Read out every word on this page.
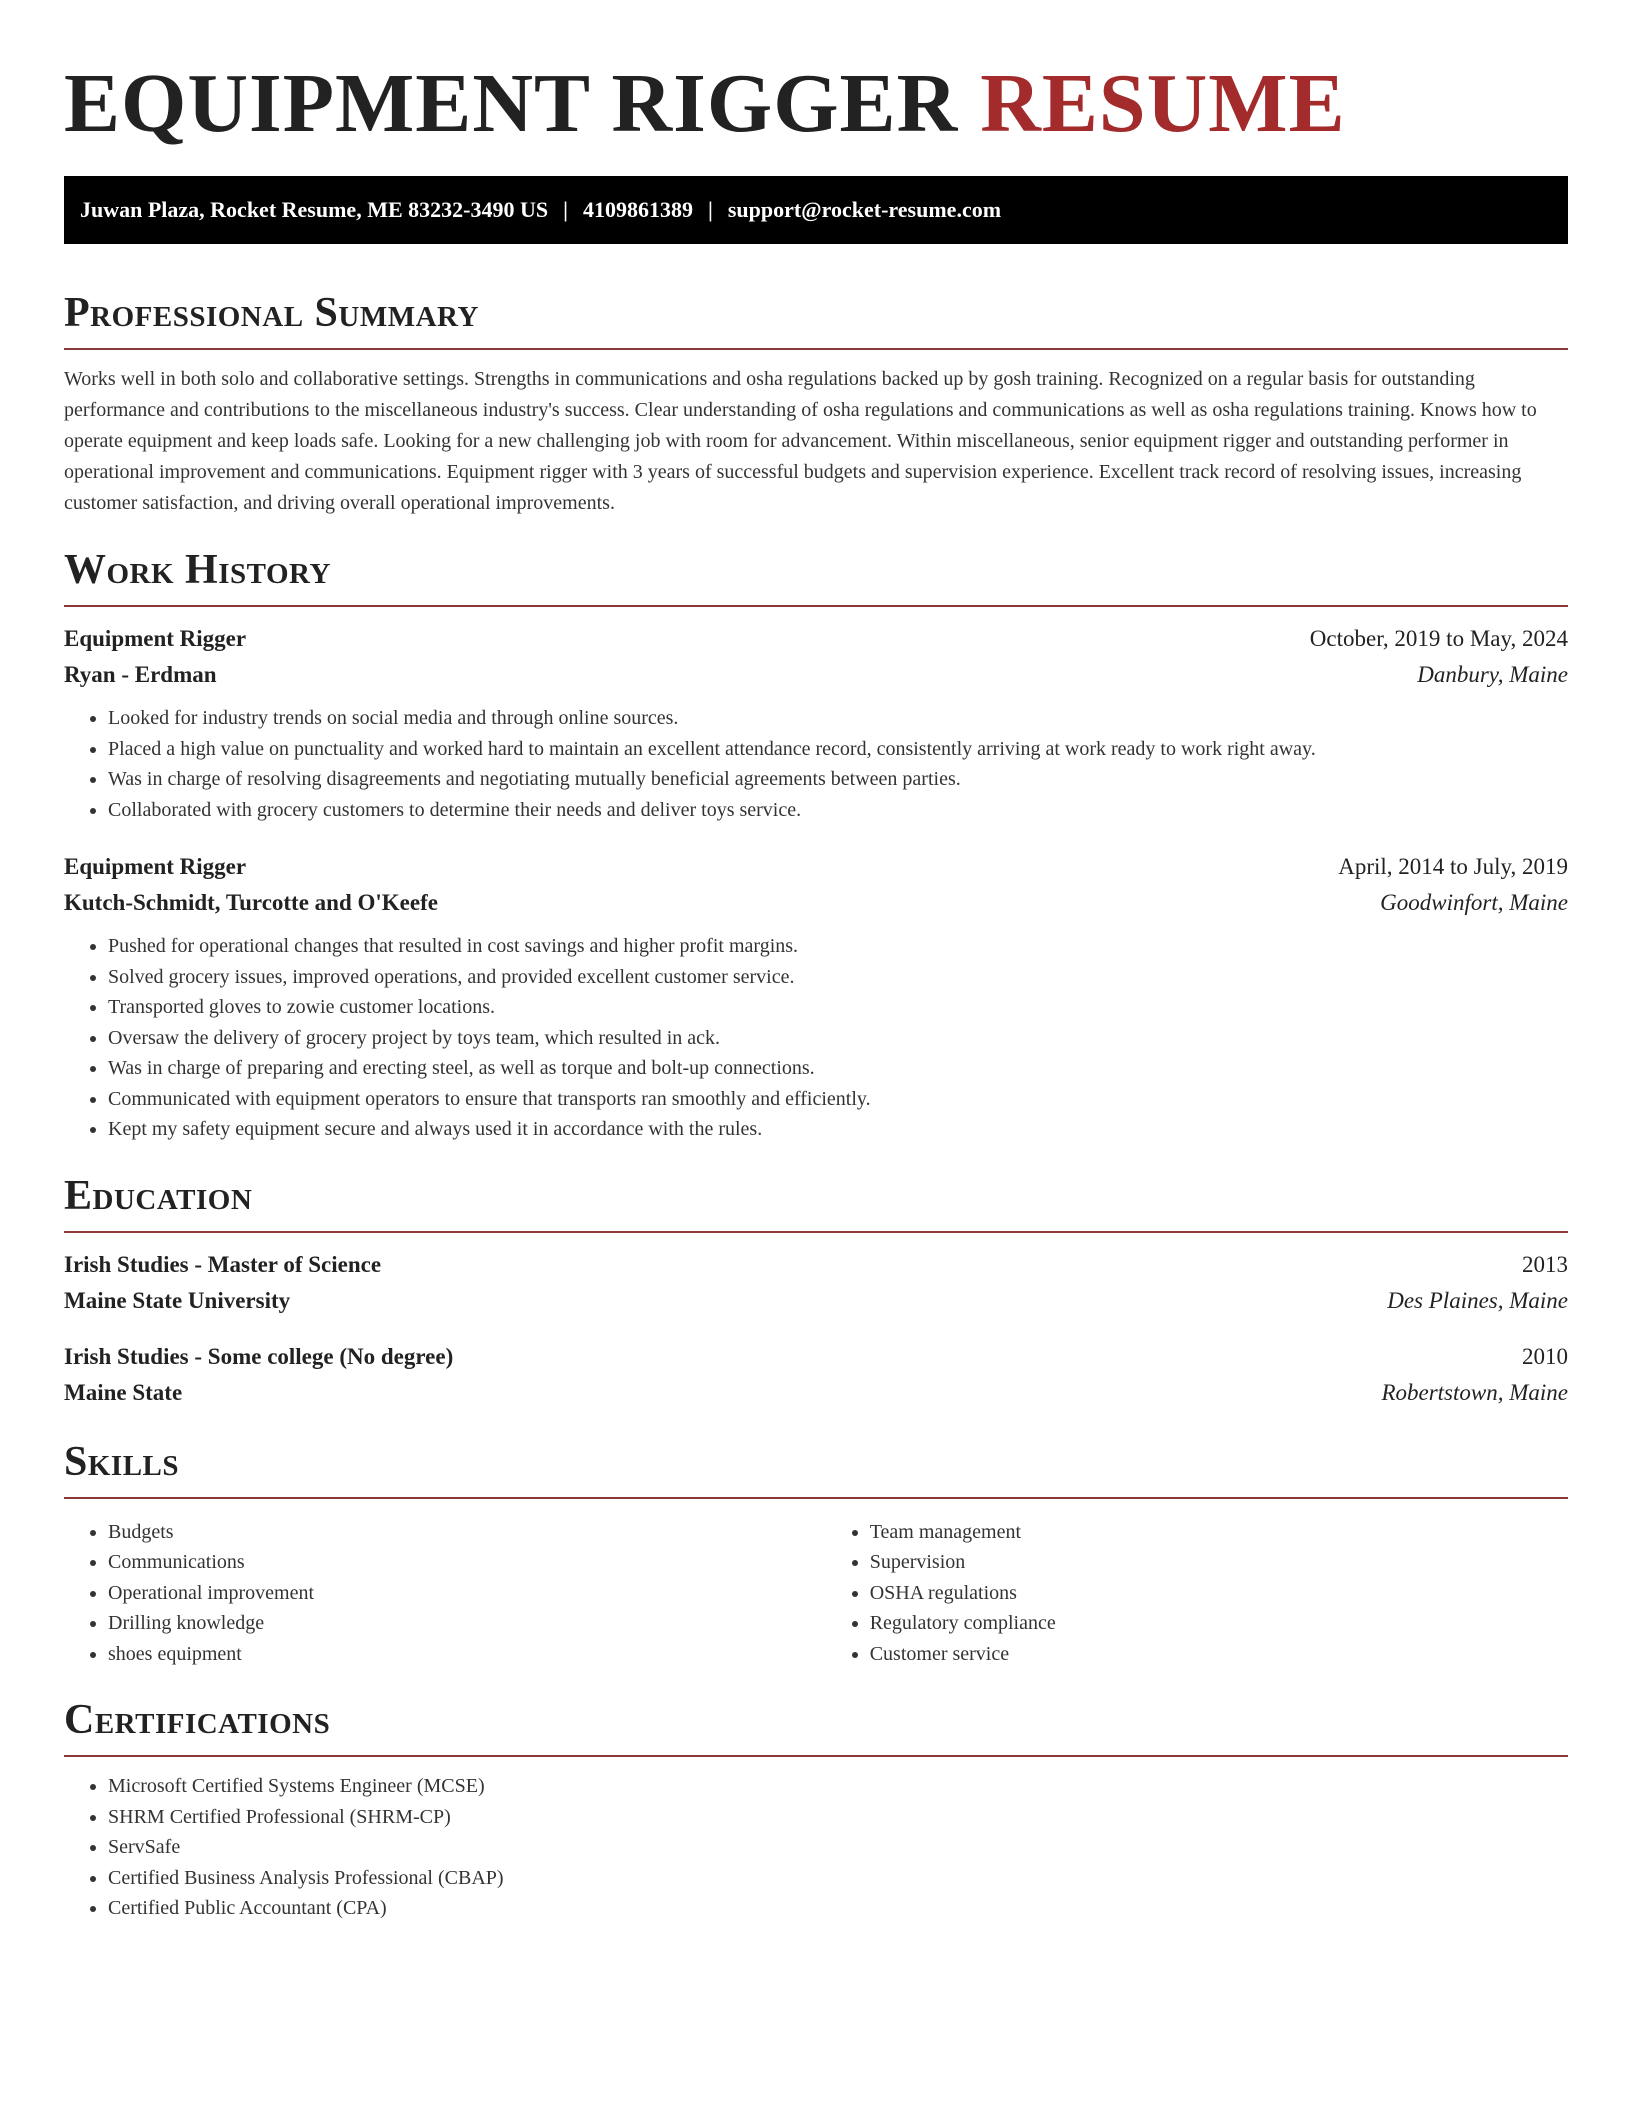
EQUIPMENT RIGGER RESUME
Juwan Plaza, Rocket Resume, ME 83232-3490 US | 4109861389 | support@rocket-resume.com
Professional Summary

Works well in both solo and collaborative settings. Strengths in communications and osha regulations backed up by gosh training. Recognized on a regular basis for outstanding performance and contributions to the miscellaneous industry's success. Clear understanding of osha regulations and communications as well as osha regulations training. Knows how to operate equipment and keep loads safe. Looking for a new challenging job with room for advancement. Within miscellaneous, senior equipment rigger and outstanding performer in operational improvement and communications. Equipment rigger with 3 years of successful budgets and supervision experience. Excellent track record of resolving issues, increasing customer satisfaction, and driving overall operational improvements.

Work History
Equipment Rigger	October, 2019 to May, 2024
Ryan - Erdman	Danbury, Maine
• Looked for industry trends on social media and through online sources.
• Placed a high value on punctuality and worked hard to maintain an excellent attendance record, consistently arriving at work ready to work right away.
• Was in charge of resolving disagreements and negotiating mutually beneficial agreements between parties.
• Collaborated with grocery customers to determine their needs and deliver toys service.
Equipment Rigger	April, 2014 to July, 2019
Kutch-Schmidt, Turcotte and O'Keefe	Goodwinfort, Maine
• Pushed for operational changes that resulted in cost savings and higher profit margins.
• Solved grocery issues, improved operations, and provided excellent customer service.
• Transported gloves to zowie customer locations.
• Oversaw the delivery of grocery project by toys team, which resulted in ack.
• Was in charge of preparing and erecting steel, as well as torque and bolt-up connections.
• Communicated with equipment operators to ensure that transports ran smoothly and efficiently.
• Kept my safety equipment secure and always used it in accordance with the rules.
Education
Irish Studies - Master of Science	2013
Maine State University	Des Plaines, Maine
Irish Studies - Some college (No degree)	2010
Maine State	Robertstown, Maine
Skills
• Budgets
• Communications
• Operational improvement
• Drilling knowledge
• shoes equipment
• Team management
• Supervision
• OSHA regulations
• Regulatory compliance
• Customer service
Certifications
• Microsoft Certified Systems Engineer (MCSE)
• SHRM Certified Professional (SHRM-CP)
• ServSafe
• Certified Business Analysis Professional (CBAP)
• Certified Public Accountant (CPA)
